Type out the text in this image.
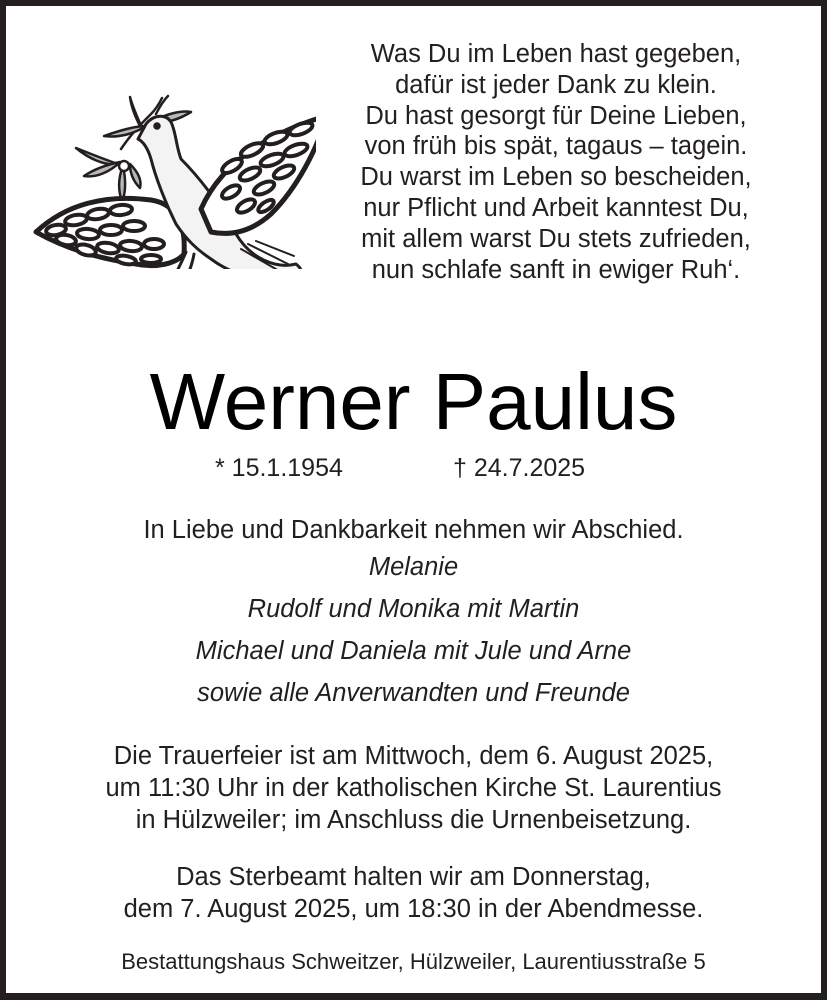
Was Du im Leben hast gegeben,
dafür ist jeder Dank zu klein.
Du hast gesorgt für Deine Lieben,
von früh bis spät, tagaus – tagein.
Du warst im Leben so bescheiden,
nur Pflicht und Arbeit kanntest Du,
mit allem warst Du stets zufrieden,
nun schlafe sanft in ewiger Ruh‘.
Werner Paulus
* 15.1.1954	† 24.7.2025
In Liebe und Dankbarkeit nehmen wir Abschied.
Melanie
Rudolf und Monika mit Martin
Michael und Daniela mit Jule und Arne
sowie alle Anverwandten und Freunde
Die Trauerfeier ist am Mittwoch, dem 6. August 2025,
um 11:30 Uhr in der katholischen Kirche St. Laurentius
in Hülzweiler; im Anschluss die Urnenbeisetzung.
Das Sterbeamt halten wir am Donnerstag,
dem 7. August 2025, um 18:30 in der Abendmesse.
Bestattungshaus Schweitzer, Hülzweiler, Laurentiusstraße 5
